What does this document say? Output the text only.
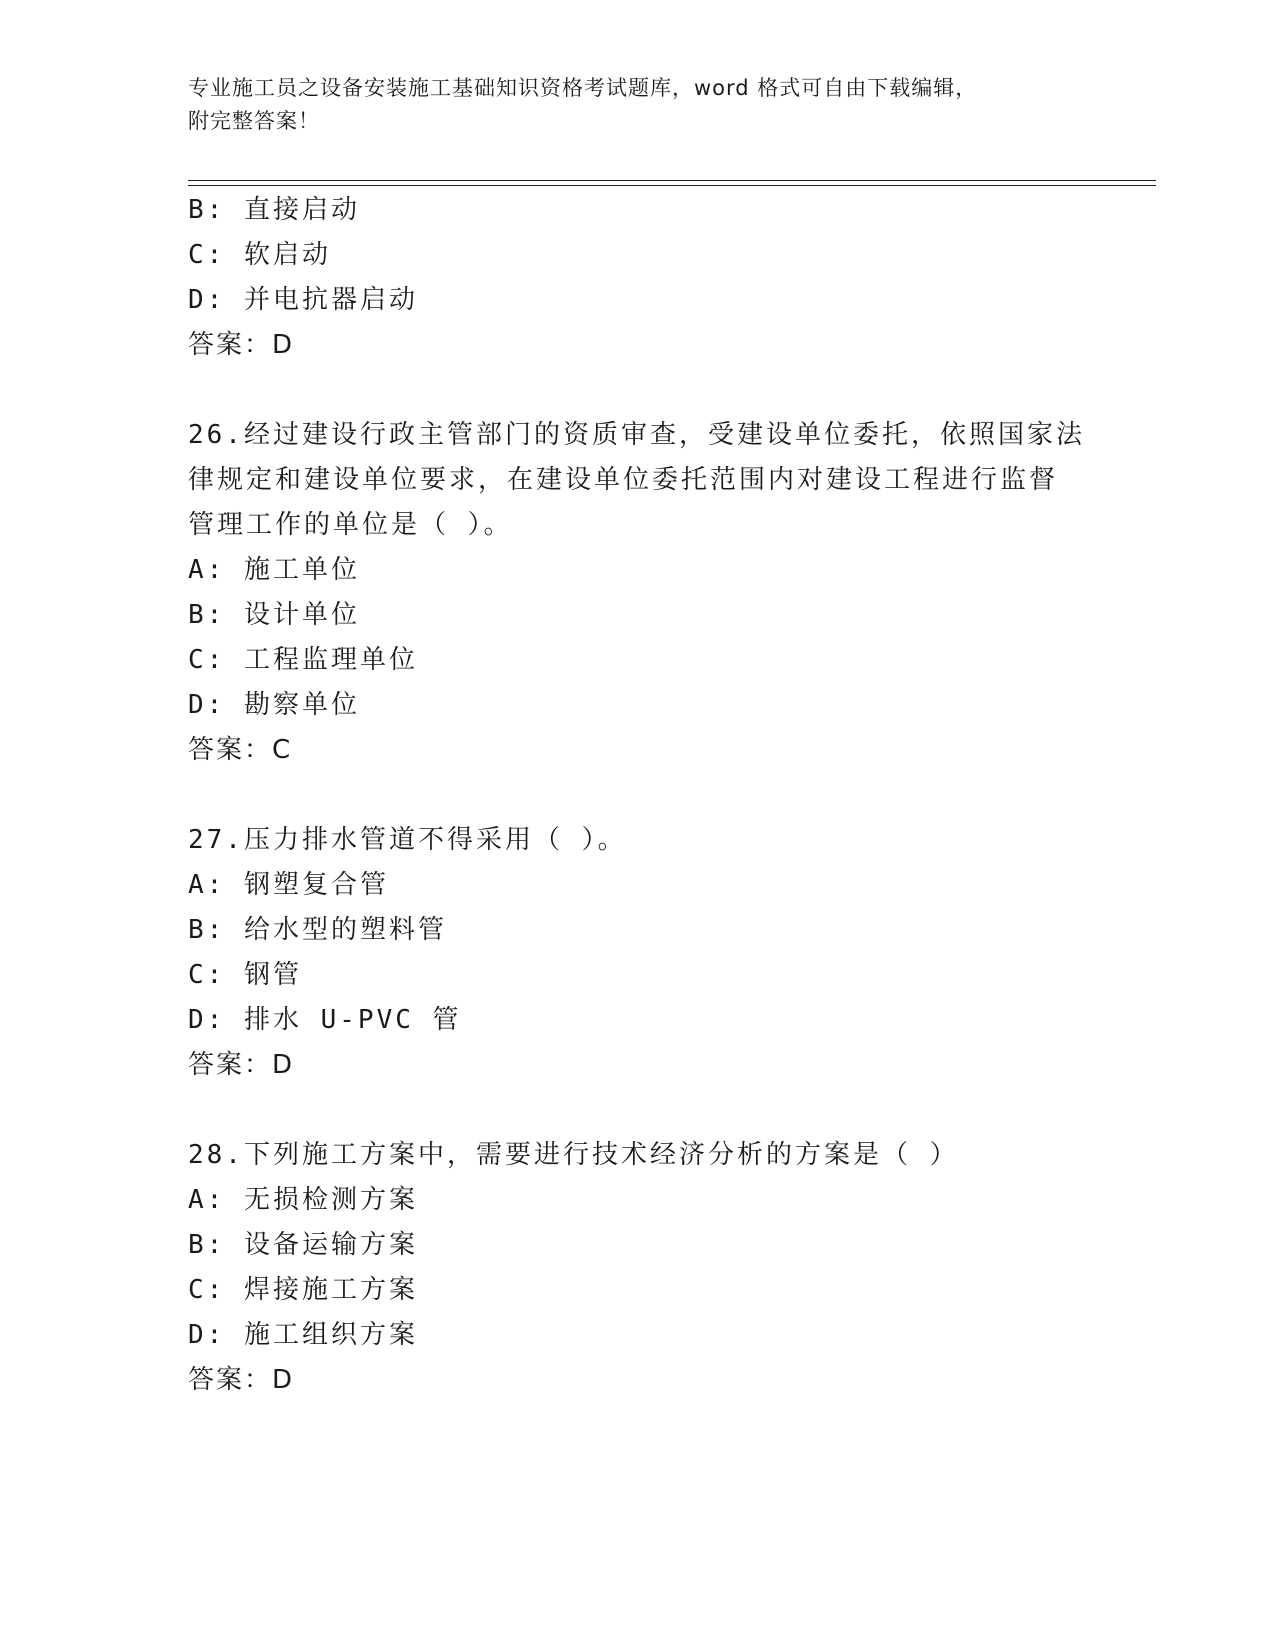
专业施工员之设备安装施工基础知识资格考试题库，word 格式可自由下载编辑，
附完整答案！
B: 直接启动
C: 软启动
D: 并电抗器启动
答案：D
26.经过建设行政主管部门的资质审查，受建设单位委托，依照国家法
律规定和建设单位要求，在建设单位委托范围内对建设工程进行监督
管理工作的单位是（ ）。
A: 施工单位
B: 设计单位
C: 工程监理单位
D: 勘察单位
答案：C
27.压力排水管道不得采用（ ）。
A: 钢塑复合管
B: 给水型的塑料管
C: 钢管
D: 排水 U-PVC 管
答案：D
28.下列施工方案中，需要进行技术经济分析的方案是（ ）
A: 无损检测方案
B: 设备运输方案
C: 焊接施工方案
D: 施工组织方案
答案：D
